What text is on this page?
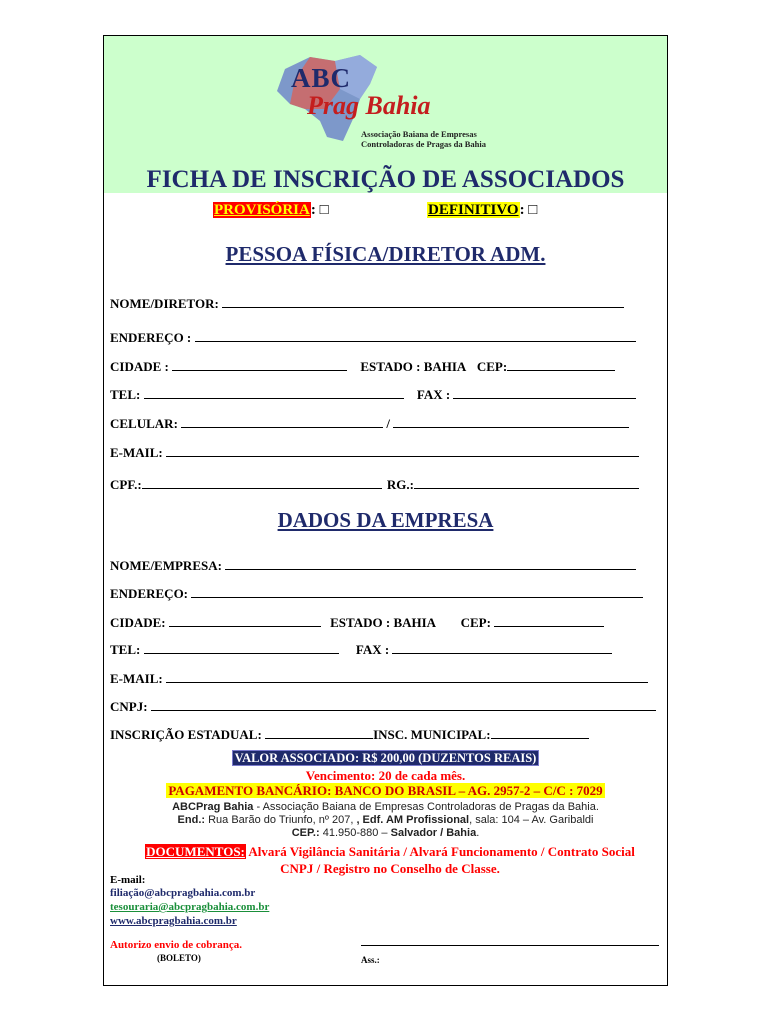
ABC
Prag Bahia
Associação Baiana de Empresas
Controladoras de Pragas da Bahia
FICHA DE INSCRIÇÃO DE ASSOCIADOS
PROVISÓRIA: □	DEFINITIVO: □
PESSOA FÍSICA/DIRETOR ADM.
NOME/DIRETOR:
ENDEREÇO :
CIDADE :	ESTADO : BAHIA CEP:
TEL:	FAX :
CELULAR:	/
E-MAIL:
CPF.:	RG.:
DADOS DA EMPRESA
NOME/EMPRESA:
ENDEREÇO:
CIDADE:	ESTADO : BAHIA CEP:
TEL:	FAX :
E-MAIL:
CNPJ:
INSCRIÇÃO ESTADUAL:	INSC. MUNICIPAL:
VALOR ASSOCIADO: R$ 200,00 (DUZENTOS REAIS)
Vencimento: 20 de cada mês.
PAGAMENTO BANCÁRIO: BANCO DO BRASIL – AG. 2957-2 – C/C : 7029
ABCPrag Bahia - Associação Baiana de Empresas Controladoras de Pragas da Bahia.
End.: Rua Barão do Triunfo, nº 207, , Edf. AM Profissional, sala: 104 – Av. Garibaldi
CEP.: 41.950-880 – Salvador / Bahia.
DOCUMENTOS: Alvará Vigilância Sanitária / Alvará Funcionamento / Contrato Social
CNPJ / Registro no Conselho de Classe.
E-mail:
filiação@abcpragbahia.com.br
tesouraria@abcpragbahia.com.br
www.abcpragbahia.com.br
Autorizo envio de cobrança.
(BOLETO)	Ass.:
